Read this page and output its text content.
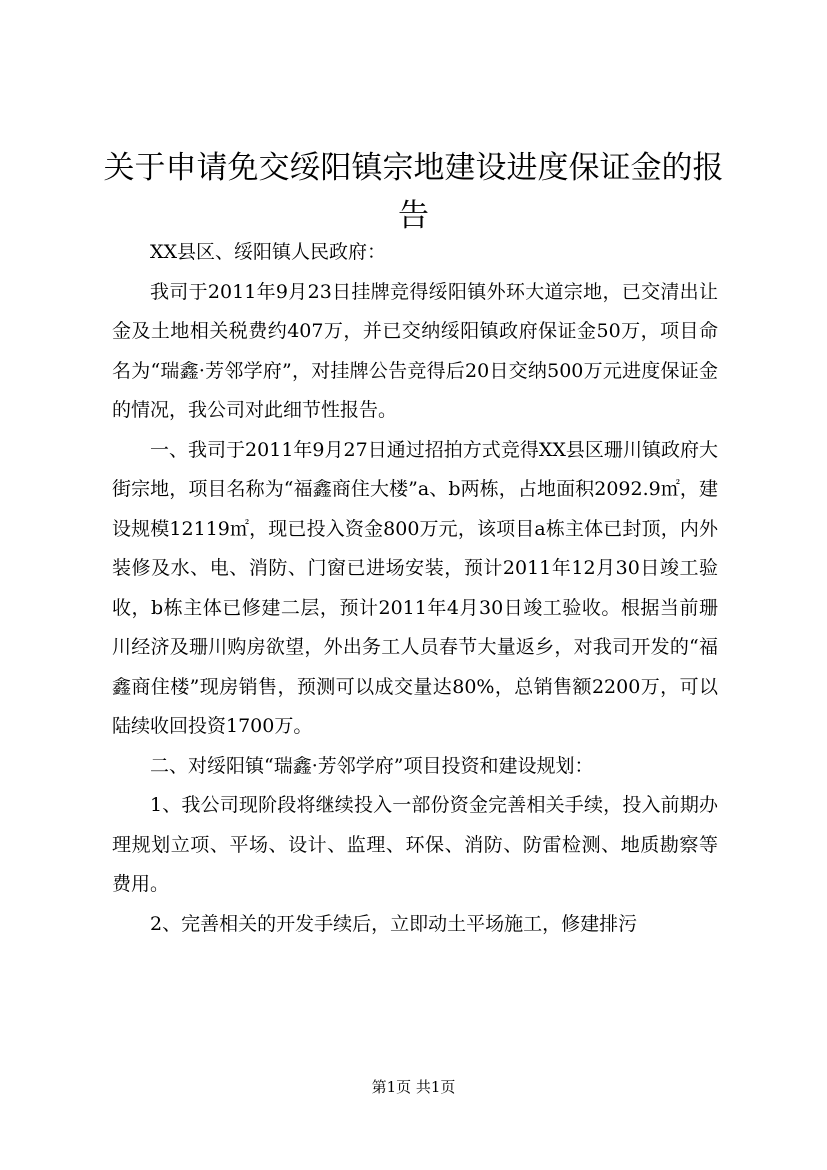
关于申请免交绥阳镇宗地建设进度保证金的报告

XX县区、绥阳镇人民政府：

我司于2011年9月23日挂牌竞得绥阳镇外环大道宗地，已交清出让金及土地相关税费约407万，并已交纳绥阳镇政府保证金50万，项目命名为“瑞鑫·芳邻学府”，对挂牌公告竞得后20日交纳500万元进度保证金的情况，我公司对此细节性报告。

一、我司于2011年9月27日通过招拍方式竞得XX县区珊川镇政府大街宗地，项目名称为“福鑫商住大楼”a、b两栋，占地面积2092.9㎡，建设规模12119㎡，现已投入资金800万元，该项目a栋主体已封顶，内外装修及水、电、消防、门窗已进场安装，预计2011年12月30日竣工验收，b栋主体已修建二层，预计2011年4月30日竣工验收。根据当前珊川经济及珊川购房欲望，外出务工人员春节大量返乡，对我司开发的“福鑫商住楼”现房销售，预测可以成交量达80%，总销售额2200万，可以陆续收回投资1700万。

二、对绥阳镇“瑞鑫·芳邻学府”项目投资和建设规划：

1、我公司现阶段将继续投入一部份资金完善相关手续，投入前期办理规划立项、平场、设计、监理、环保、消防、防雷检测、地质勘察等费用。

2、完善相关的开发手续后，立即动土平场施工，修建排污

第1页 共1页
